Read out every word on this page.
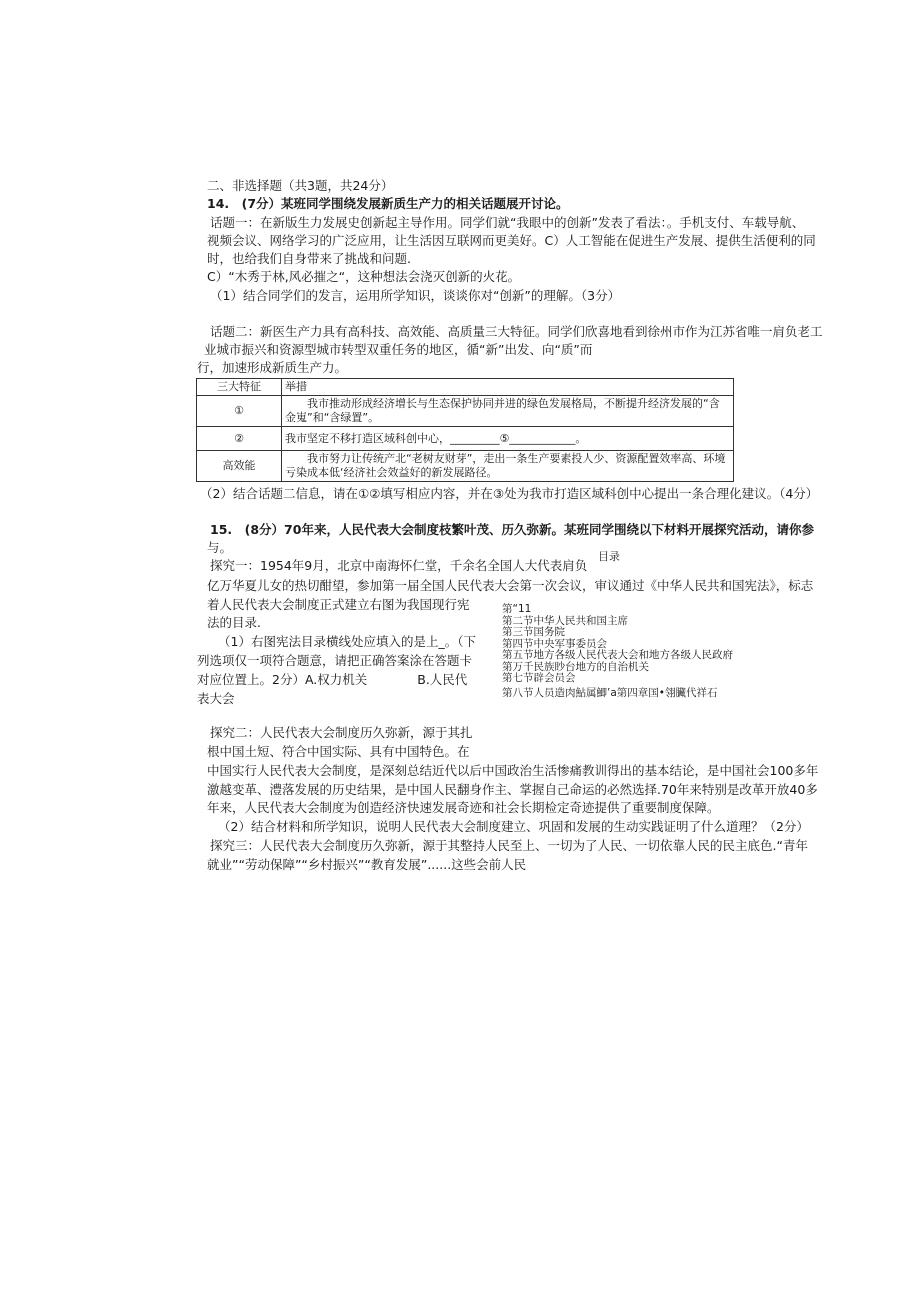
二、非选择题（共3题，共24分）
14.　(7分）某班同学围绕发展新质生产力的相关话题展开讨论。
话题一：在新版生力发展史创新起主导作用。同学们就“我眼中的创新”发表了看法：。手机支付、车载导航、
视频会议、网络学习的广泛应用，让生活因互联网而更美好。C）人工智能在促进生产发展、提供生活便利的同
时，也给我们自身带来了挑战和问题.
C）“木秀于林,风必摧之“，这种想法会浇灭创新的火花。
（1）结合同学们的发言，运用所学知识，谈谈你对“创新”的理解。（3分）
话题二：新医生产力具有高科技、高效能、高质量三大特征。同学们欣喜地看到徐州市作为江苏省唯一肩负老工
业城市振兴和资源型城市转型双重任务的地区，循“新”出发、向“质”而
行，加速形成新质生产力。
三大特征	举措
①	　　我市推动形成经济增长与生态保护协同并进的绿色发展格局，不断提升经济发展的“含
金嵬”和“含绿置”。

②	我市坚定不移打造区域科创中心，_________⑤____________。

高效能	　　我市努力让传统产北“老树友财芽”，走出一条生产要素投人少、资源配置效率高、环境
亏染成本低‘经济社会效益好的新发展路径。
（2）结合话题二信息，请在①②填写相应内容，并在③处为我市打造区域科创中心提出一条合理化建议。（4分）
15.　(8分）70年来，人民代表大会制度枝繁叶茂、历久弥新。某班同学围绕以下材料开展探究活动，请你参
与。
目录
探究一：1954年9月，北京中南海怀仁堂，千余名全国人大代表肩负
亿万华夏儿女的热切酣望，参加第一届全国人民代表大会第一次会议，审议通过《中华人民共和国宪法》，标志
着人民代表大会制度正式建立右图为我国现行宪
法的目录.
（1）右图宪法目录横线处应填入的是上_。（下
列选项仅一项符合题意，请把正确答案涂在答题卡
对应位置上。2分）A.权力机关　　　　B.人民代
表大会
第“11
第二节中华人民共和国主席
第三节国务院
第四节中央军事委员会
第五节地方各级人民代表大会和地方各级人民政府
第万千民族眇台地方的自治机关
第七节辟会员会
第八节人员造肉鮎属鯽’a第四章国•翎臟代祥石
探究二：人民代表大会制度历久弥新，源于其扎
根中国土短、符合中国实际、具有中国特色。在
中国实行人民代表大会制度，是深刻总结近代以后中国政治生活惨痛教训得出的基本结论，是中国社会100多年
激越变革、澧落发展的历史结果，是中国人民翻身作主、掌握自己命运的必然选择.70年来特别是改革开放40多
年来，人民代表大会制度为创造经济快速发展奇迹和社会长期检定奇迹提供了重要制度保障。
（2）结合材料和所学知识，说明人民代表大会制度建立、巩固和发展的生动实践证明了什么道理？（2分）
探究三：人民代表大会制度历久弥新，源于其整持人民至上、一切为了人民、一切依靠人民的民主底色.“青年
就业”“劳动保障”“乡村振兴”“教育发展”......这些会前人民
